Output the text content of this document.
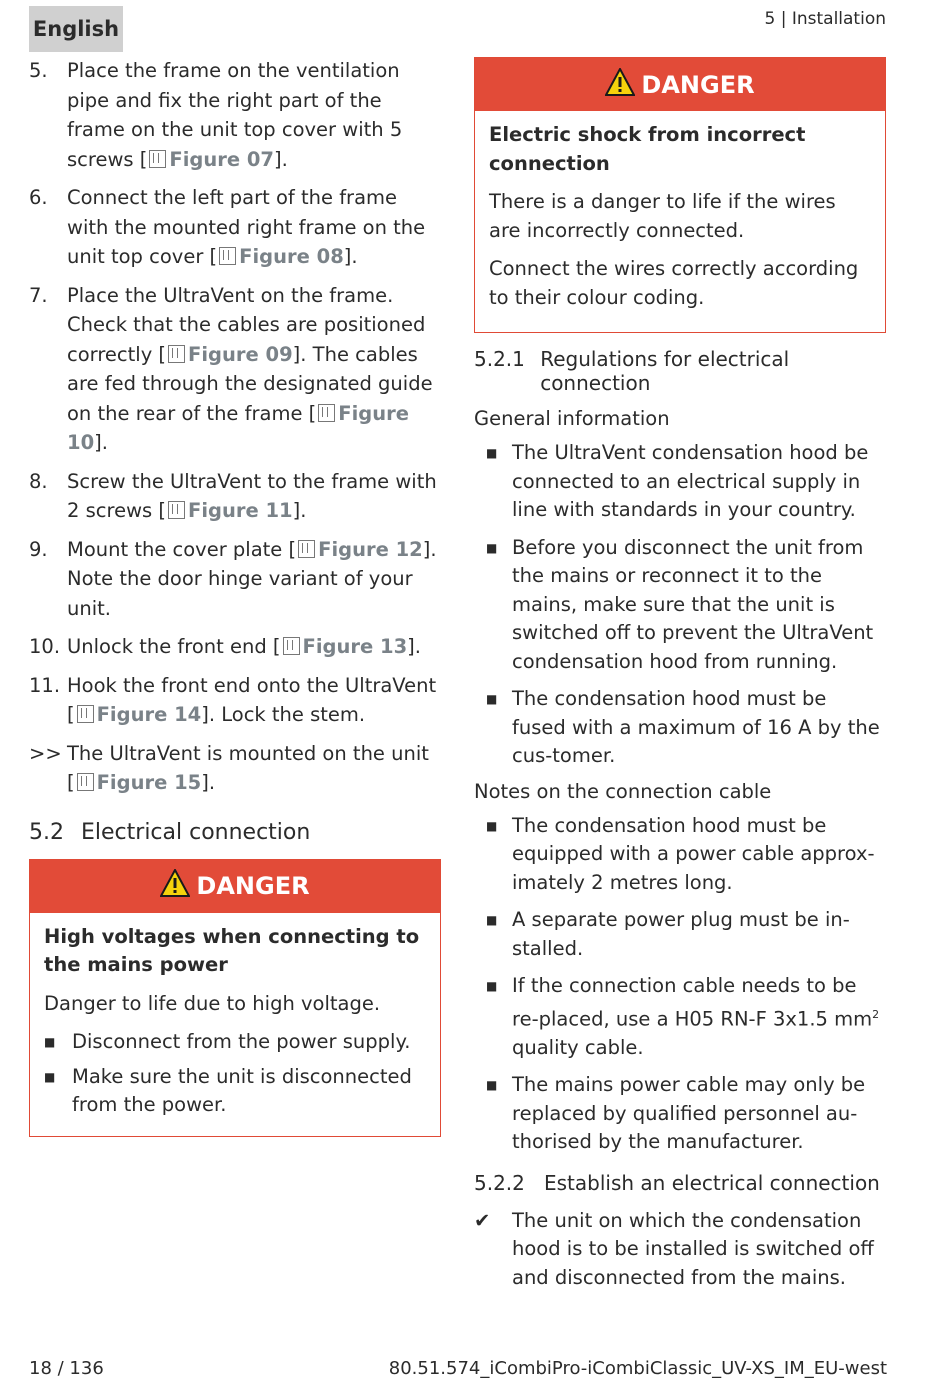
English	5 | Installation
5. Place the frame on the ventilation pipe and fix the right part of the frame on the unit top cover with 5 screws [ Figure 07].
6. Connect the left part of the frame with the mounted right frame on the unit top cover [ Figure 08].
7. Place the UltraVent on the frame. Check that the cables are positioned correctly [ Figure 09]. The cables are fed through the designated guide on the rear of the frame [ Figure 10].
8. Screw the UltraVent to the frame with 2 screws [ Figure 11].
9. Mount the cover plate [ Figure 12]. Note the door hinge variant of your unit.
10. Unlock the front end [ Figure 13].
11. Hook the front end onto the UltraVent [ Figure 14]. Lock the stem.
>> The UltraVent is mounted on the unit [ Figure 15].
5.2 Electrical connection
DANGER
High voltages when connecting to the mains power
Danger to life due to high voltage.
■ Disconnect from the power supply.
■ Make sure the unit is disconnected from the power.
DANGER
Electric shock from incorrect connection
There is a danger to life if the wires are incorrectly connected.
Connect the wires correctly according to their colour coding.
5.2.1 Regulations for electrical connection
General information
■ The UltraVent condensation hood be connected to an electrical supply in line with standards in your country.
■ Before you disconnect the unit from the mains or reconnect it to the mains, make sure that the unit is switched off to prevent the UltraVent condensation hood from running.
■ The condensation hood must be fused with a maximum of 16 A by the cus-tomer.
Notes on the connection cable
■ The condensation hood must be equipped with a power cable approx-imately 2 metres long.
■ A separate power plug must be in-stalled.
■ If the connection cable needs to be re-placed, use a H05 RN-F 3x1.5 $mm^2$ quality cable.
■ The mains power cable may only be replaced by qualified personnel au-thorised by the manufacturer.
5.2.2 Establish an electrical connection
✔	The unit on which the condensation hood is to be installed is switched off and disconnected from the mains.
18 / 136	80.51.574_iCombiPro-iCombiClassic_UV-XS_IM_EU-west
